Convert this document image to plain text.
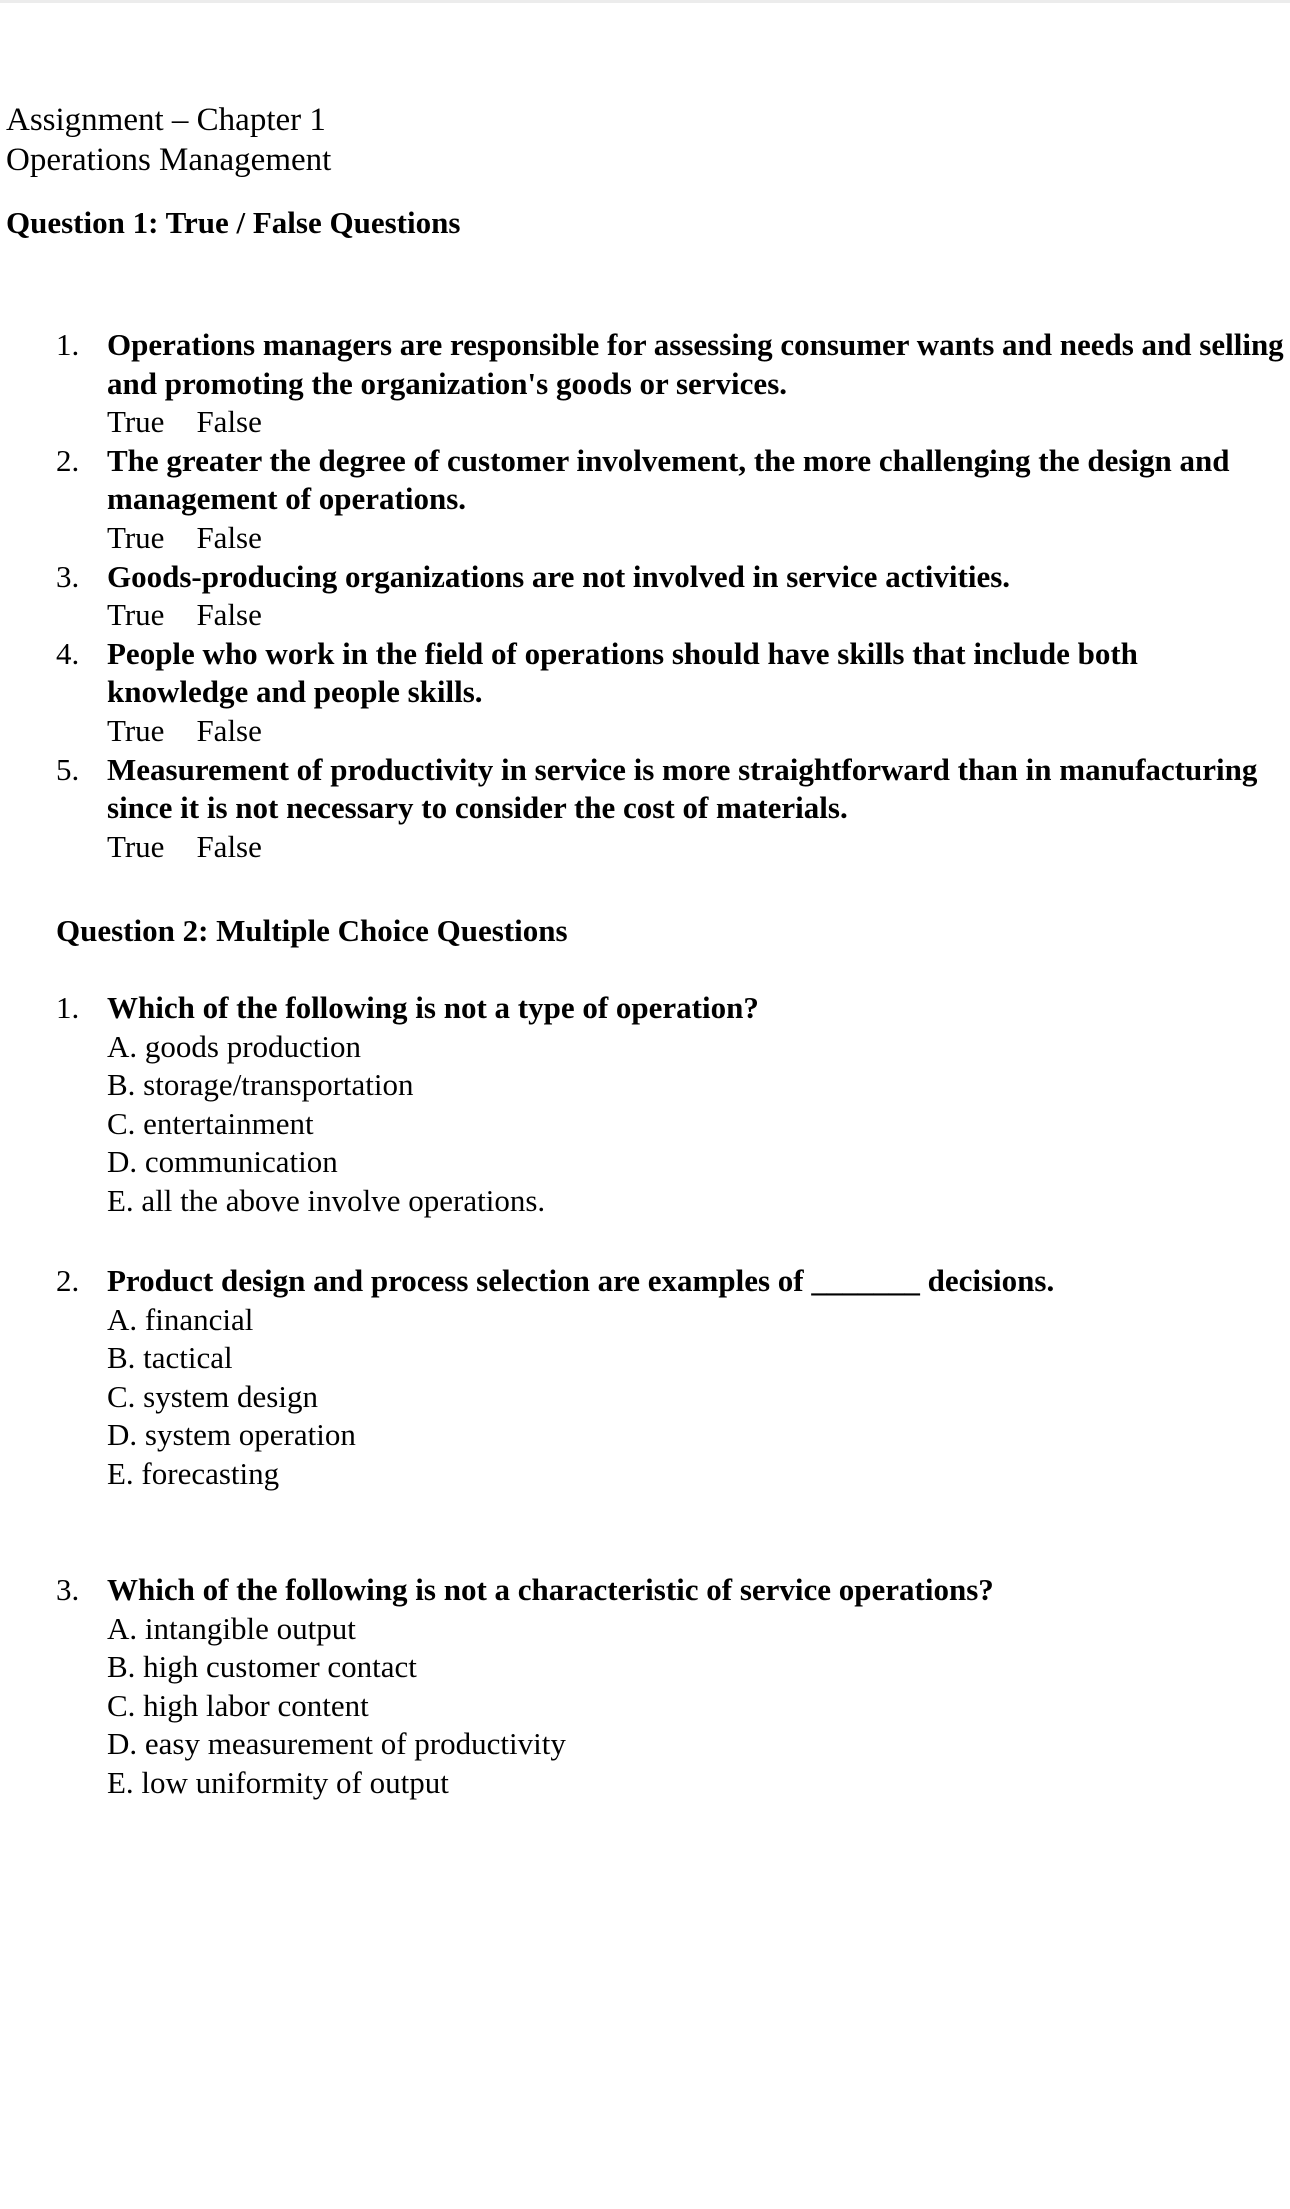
Assignment – Chapter 1
Operations Management
Question 1: True / False Questions
1. Operations managers are responsible for assessing consumer wants and needs and selling and promoting the organization's goods or services.
True False
2. The greater the degree of customer involvement, the more challenging the design and management of operations.
True False
3. Goods-producing organizations are not involved in service activities.
True False
4. People who work in the field of operations should have skills that include both knowledge and people skills.
True False
5. Measurement of productivity in service is more straightforward than in manufacturing since it is not necessary to consider the cost of materials.
True False
Question 2: Multiple Choice Questions
1. Which of the following is not a type of operation?
A. goods production
B. storage/transportation
C. entertainment
D. communication
E. all the above involve operations.
2. Product design and process selection are examples of _______ decisions.
A. financial
B. tactical
C. system design
D. system operation
E. forecasting
3. Which of the following is not a characteristic of service operations?
A. intangible output
B. high customer contact
C. high labor content
D. easy measurement of productivity
E. low uniformity of output
